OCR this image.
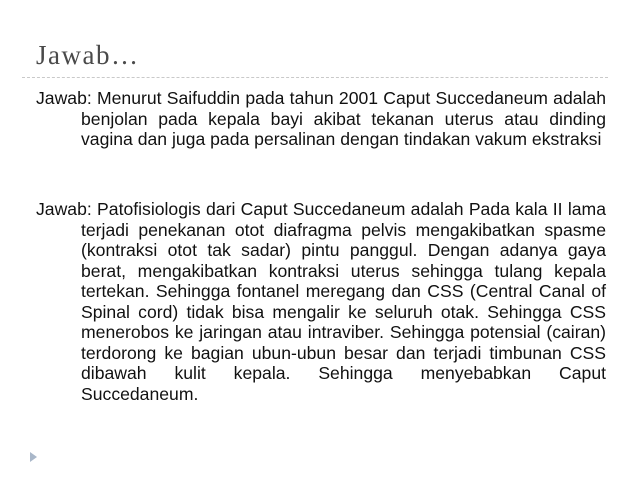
Jawab…
Jawab: Menurut Saifuddin pada tahun 2001 Caput Succedaneum adalah benjolan pada kepala bayi akibat tekanan uterus atau dinding vagina dan juga pada persalinan dengan tindakan vakum ekstraksi
Jawab: Patofisiologis dari Caput Succedaneum adalah Pada kala II lama terjadi penekanan otot diafragma pelvis mengakibatkan spasme (kontraksi otot tak sadar) pintu panggul. Dengan adanya gaya berat, mengakibatkan kontraksi uterus sehingga tulang kepala tertekan. Sehingga fontanel meregang dan CSS (Central Canal of Spinal cord) tidak bisa mengalir ke seluruh otak. Sehingga CSS menerobos ke jaringan atau intraviber. Sehingga potensial (cairan) terdorong ke bagian ubun-ubun besar dan terjadi timbunan CSS dibawah kulit kepala. Sehingga menyebabkan Caput Succedaneum.
